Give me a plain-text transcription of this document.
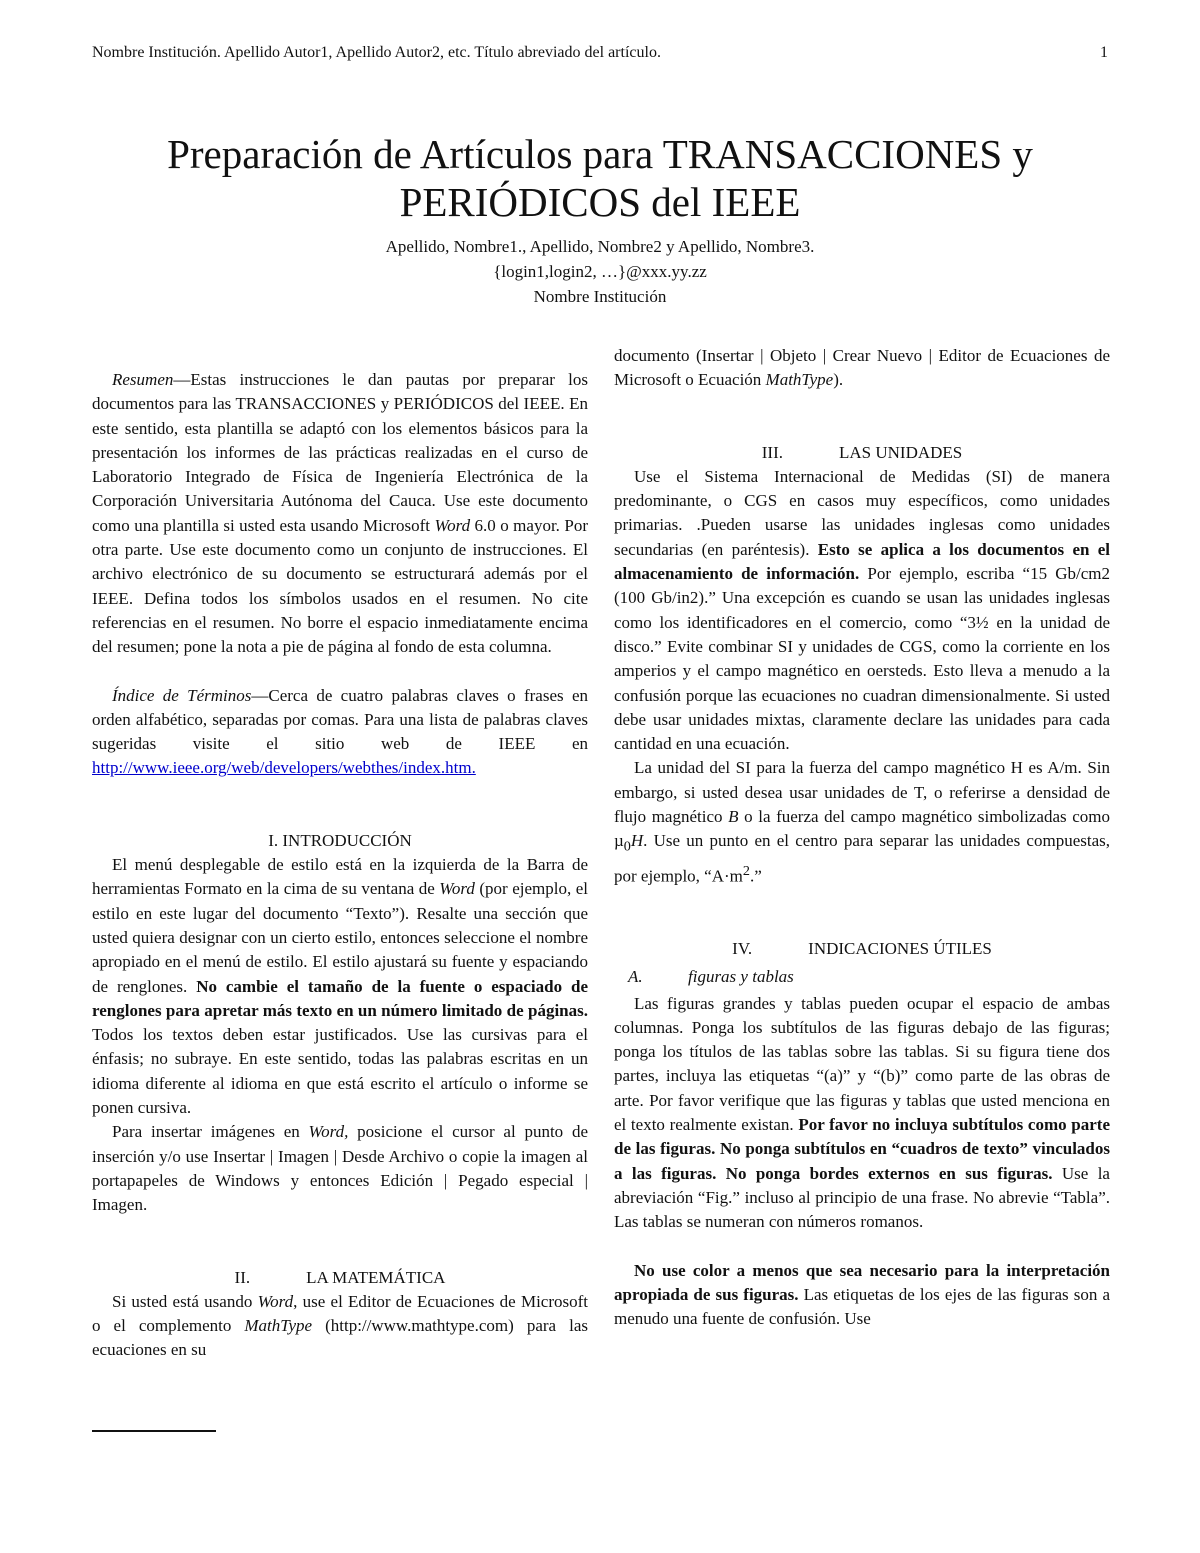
Nombre Institución. Apellido Autor1, Apellido Autor2, etc. Título abreviado del artículo.	1
Preparación de Artículos para TRANSACCIONES y
PERIÓDICOS del IEEE
Apellido, Nombre1., Apellido, Nombre2 y Apellido, Nombre3.
{login1,login2, …}@xxx.yy.zz
Nombre Institución

Resumen—Estas instrucciones le dan pautas por preparar los documentos para las TRANSACCIONES y PERIÓDICOS del IEEE. En este sentido, esta plantilla se adaptó con los elementos básicos para la presentación los informes de las prácticas realizadas en el curso de Laboratorio Integrado de Física de Ingeniería Electrónica de la Corporación Universitaria Autónoma del Cauca. Use este documento como una plantilla si usted esta usando Microsoft Word 6.0 o mayor. Por otra parte. Use este documento como un conjunto de instrucciones. El archivo electrónico de su documento se estructurará además por el IEEE. Defina todos los símbolos usados en el resumen. No cite referencias en el resumen. No borre el espacio inmediatamente encima del resumen; pone la nota a pie de página al fondo de esta columna.

Índice de Términos—Cerca de cuatro palabras claves o frases en orden alfabético, separadas por comas. Para una lista de palabras claves sugeridas visite el sitio web de IEEE en http://www.ieee.org/web/developers/webthes/index.htm.

I. INTRODUCCIÓN

El menú desplegable de estilo está en la izquierda de la Barra de herramientas Formato en la cima de su ventana de Word (por ejemplo, el estilo en este lugar del documento “Texto”). Resalte una sección que usted quiera designar con un cierto estilo, entonces seleccione el nombre apropiado en el menú de estilo. El estilo ajustará su fuente y espaciando de renglones. No cambie el tamaño de la fuente o espaciado de renglones para apretar más texto en un número limitado de páginas. Todos los textos deben estar justificados. Use las cursivas para el énfasis; no subraye. En este sentido, todas las palabras escritas en un idioma diferente al idioma en que está escrito el artículo o informe se ponen cursiva.

Para insertar imágenes en Word, posicione el cursor al punto de inserción y/o use Insertar | Imagen | Desde Archivo o copie la imagen al portapapeles de Windows y entonces Edición | Pegado especial | Imagen.

II.	LA MATEMÁTICA

Si usted está usando Word, use el Editor de Ecuaciones de Microsoft o el complemento MathType (http://www.mathtype.com) para las ecuaciones en su

documento (Insertar | Objeto | Crear Nuevo | Editor de Ecuaciones de Microsoft o Ecuación MathType).

III.	LAS UNIDADES

Use el Sistema Internacional de Medidas (SI) de manera predominante, o CGS en casos muy específicos, como unidades primarias. .Pueden usarse las unidades inglesas como unidades secundarias (en paréntesis). Esto se aplica a los documentos en el almacenamiento de información. Por ejemplo, escriba “15 Gb/cm2 (100 Gb/in2).” Una excepción es cuando se usan las unidades inglesas como los identificadores en el comercio, como “3½ en la unidad de disco.” Evite combinar SI y unidades de CGS, como la corriente en los amperios y el campo magnético en oersteds. Esto lleva a menudo a la confusión porque las ecuaciones no cuadran dimensionalmente. Si usted debe usar unidades mixtas, claramente declare las unidades para cada cantidad en una ecuación.

La unidad del SI para la fuerza del campo magnético H es A/m. Sin embargo, si usted desea usar unidades de T, o referirse a densidad de flujo magnético B o la fuerza del campo magnético simbolizadas como µ$_0$H. Use un punto en el centro para separar las unidades compuestas, por ejemplo, “$A\cdot m^2$.”

IV.	INDICACIONES ÚTILES
A.	figuras y tablas

Las figuras grandes y tablas pueden ocupar el espacio de ambas columnas. Ponga los subtítulos de las figuras debajo de las figuras; ponga los títulos de las tablas sobre las tablas. Si su figura tiene dos partes, incluya las etiquetas “(a)” y “(b)” como parte de las obras de arte. Por favor verifique que las figuras y tablas que usted menciona en el texto realmente existan. Por favor no incluya subtítulos como parte de las figuras. No ponga subtítulos en “cuadros de texto” vinculados a las figuras. No ponga bordes externos en sus figuras. Use la abreviación “Fig.” incluso al principio de una frase. No abrevie “Tabla”. Las tablas se numeran con números romanos.

No use color a menos que sea necesario para la interpretación apropiada de sus figuras. Las etiquetas de los ejes de las figuras son a menudo una fuente de confusión. Use
